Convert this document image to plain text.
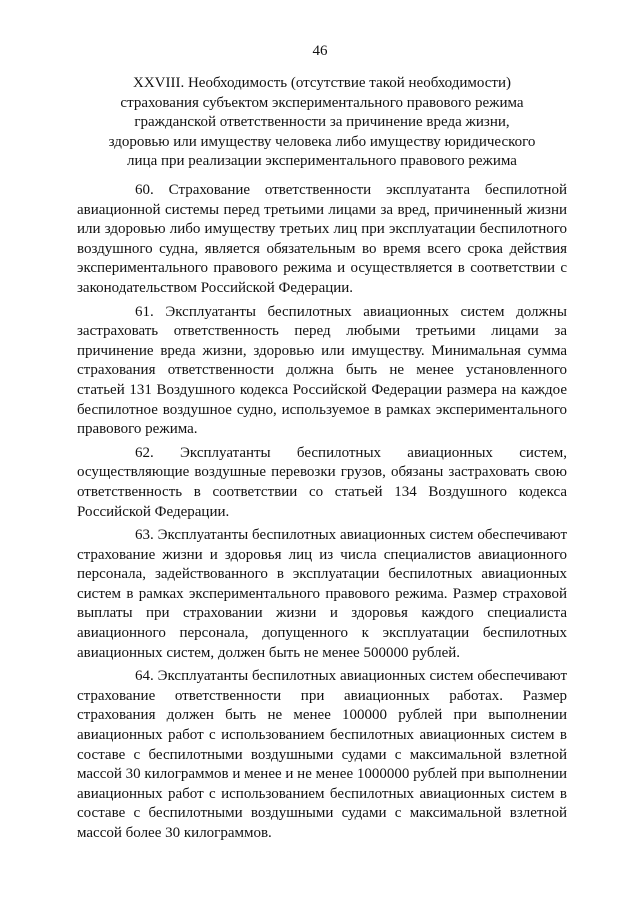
46
XXVIII. Необходимость (отсутствие такой необходимости)
страхования субъектом экспериментального правового режима
гражданской ответственности за причинение вреда жизни,
здоровью или имуществу человека либо имуществу юридического
лица при реализации экспериментального правового режима

60. Страхование ответственности эксплуатанта беспилотной авиационной системы перед третьими лицами за вред, причиненный жизни или здоровью либо имуществу третьих лиц при эксплуатации беспилотного воздушного судна, является обязательным во время всего срока действия экспериментального правового режима и осуществляется в соответствии с законодательством Российской Федерации.

61. Эксплуатанты беспилотных авиационных систем должны застраховать ответственность перед любыми третьими лицами за причинение вреда жизни, здоровью или имуществу. Минимальная сумма страхования ответственности должна быть не менее установленного статьей 131 Воздушного кодекса Российской Федерации размера на каждое беспилотное воздушное судно, используемое в рамках экспериментального правового режима.

62. Эксплуатанты беспилотных авиационных систем, осуществляющие воздушные перевозки грузов, обязаны застраховать свою ответственность в соответствии со статьей 134 Воздушного кодекса Российской Федерации.

63. Эксплуатанты беспилотных авиационных систем обеспечивают страхование жизни и здоровья лиц из числа специалистов авиационного персонала, задействованного в эксплуатации беспилотных авиационных систем в рамках экспериментального правового режима. Размер страховой выплаты при страховании жизни и здоровья каждого специалиста авиационного персонала, допущенного к эксплуатации беспилотных авиационных систем, должен быть не менее 500000 рублей.

64. Эксплуатанты беспилотных авиационных систем обеспечивают страхование ответственности при авиационных работах. Размер страхования должен быть не менее 100000 рублей при выполнении авиационных работ с использованием беспилотных авиационных систем в составе с беспилотными воздушными судами с максимальной взлетной массой 30 килограммов и менее и не менее 1000000 рублей при выполнении авиационных работ с использованием беспилотных авиационных систем в составе с беспилотными воздушными судами с максимальной взлетной массой более 30 килограммов.
